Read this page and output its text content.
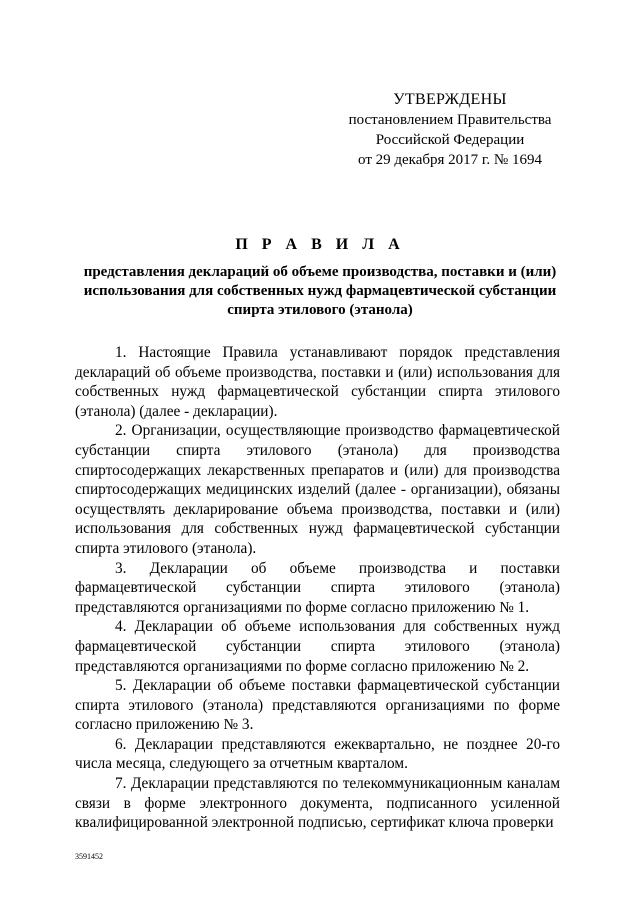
УТВЕРЖДЕНЫ
постановлением Правительства
Российской Федерации
от 29 декабря 2017 г. № 1694
П Р А В И Л А
представления деклараций об объеме производства, поставки и (или) использования для собственных нужд фармацевтической субстанции спирта этилового (этанола)

1. Настоящие Правила устанавливают порядок представления деклараций об объеме производства, поставки и (или) использования для собственных нужд фармацевтической субстанции спирта этилового (этанола) (далее - декларации).

2. Организации, осуществляющие производство фармацевтической субстанции спирта этилового (этанола) для производства спиртосодержащих лекарственных препаратов и (или) для производства спиртосодержащих медицинских изделий (далее - организации), обязаны осуществлять декларирование объема производства, поставки и (или) использования для собственных нужд фармацевтической субстанции спирта этилового (этанола).

3. Декларации об объеме производства и поставки фармацевтической субстанции спирта этилового (этанола) представляются организациями по форме согласно приложению № 1.

4. Декларации об объеме использования для собственных нужд фармацевтической субстанции спирта этилового (этанола) представляются организациями по форме согласно приложению № 2.

5. Декларации об объеме поставки фармацевтической субстанции спирта этилового (этанола) представляются организациями по форме согласно приложению № 3.

6. Декларации представляются ежеквартально, не позднее 20-го числа месяца, следующего за отчетным кварталом.

7. Декларации представляются по телекоммуникационным каналам связи в форме электронного документа, подписанного усиленной квалифицированной электронной подписью, сертификат ключа проверки

3591452
